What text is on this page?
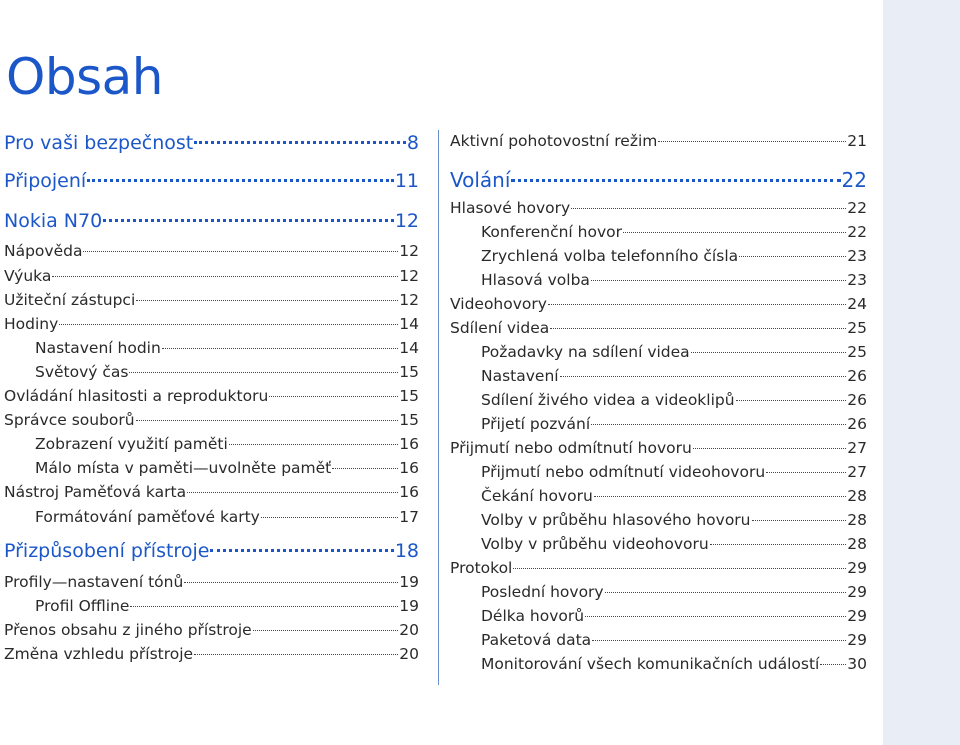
Obsah
Pro vaši bezpečnost	8
Připojení	11
Nokia N70	12
Nápověda	12
Výuka	12
Užiteční zástupci	12
Hodiny	14
Nastavení hodin	14
Světový čas	15
Ovládání hlasitosti a reproduktoru	15
Správce souborů	15
Zobrazení využití paměti	16
Málo místa v paměti—uvolněte paměť	16
Nástroj Paměťová karta	16
Formátování paměťové karty	17
Přizpůsobení přístroje	18
Profily—nastavení tónů	19
Profil Offline	19
Přenos obsahu z jiného přístroje	20
Změna vzhledu přístroje	20
Aktivní pohotovostní režim	21
Volání	22
Hlasové hovory	22
Konferenční hovor	22
Zrychlená volba telefonního čísla	23
Hlasová volba	23
Videohovory	24
Sdílení videa	25
Požadavky na sdílení videa	25
Nastavení	26
Sdílení živého videa a videoklipů	26
Přijetí pozvání	26
Přijmutí nebo odmítnutí hovoru	27
Přijmutí nebo odmítnutí videohovoru	27
Čekání hovoru	28
Volby v průběhu hlasového hovoru	28
Volby v průběhu videohovoru	28
Protokol	29
Poslední hovory	29
Délka hovorů	29
Paketová data	29
Monitorování všech komunikačních událostí 30
